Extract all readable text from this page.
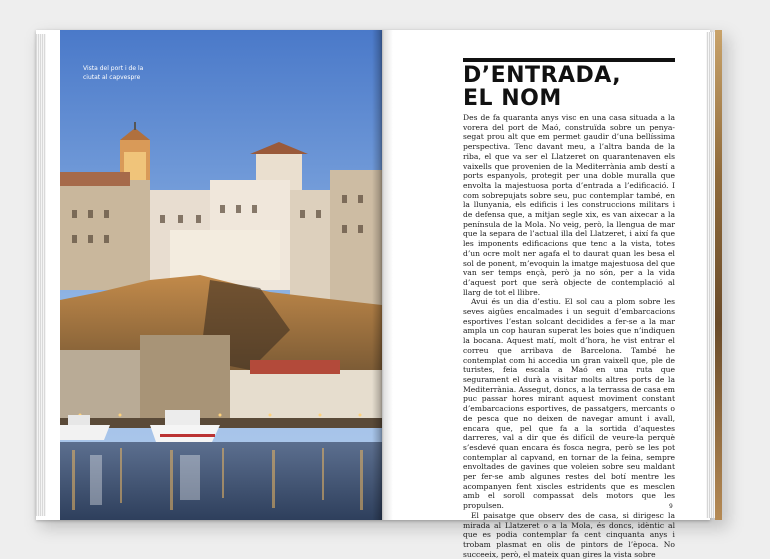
Vista del port i de la
ciutat al capvespre	D’ENTRADA,
EL NOM

Des de fa quaranta anys visc en una casa situada a la vorera del port de Maó, construïda sobre un penya-segat prou alt que em permet gaudir d’una bellíssima perspectiva. Tenc davant meu, a l’altra banda de la riba, el que va ser el Llatzeret on quarantenaven els vaixells que provenien de la Mediterrània amb destí a ports espanyols, protegit per una doble muralla que envolta la majestuosa porta d’entrada a l’edificació. I com sobrepujats sobre seu, puc contemplar també, en la llunyania, els edificis i les construccions militars i de defensa que, a mitjan segle xix, es van aixecar a la península de la Mola. No veig, però, la llengua de mar que la separa de l’actual illa del Llatzeret, i així fa que les imponents edificacions que tenc a la vista, totes d’un ocre molt ner agafa el to daurat quan les besa el sol de ponent, m’evoquin la imatge majestuosa del que van ser temps ençà, però ja no són, per a la vida d’aquest port que serà objecte de contemplació al llarg de tot el llibre.

Avui és un dia d’estiu. El sol cau a plom sobre les seves aigües encalmades i un seguit d’embarcacions esportives l’estan solcant decidides a fer-se a la mar ampla un cop hauran superat les boies que n’indiquen la bocana. Aquest matí, molt d’hora, he vist entrar el correu que arribava de Barcelona. També he contemplat com hi accedia un gran vaixell que, ple de turistes, feia escala a Maó en una ruta que segurament el durà a visitar molts altres ports de la Mediterrània. Assegut, doncs, a la terrassa de casa em puc passar hores mirant aquest moviment constant d’embarcacions esportives, de passatgers, mercants o de pesca que no deixen de navegar amunt i avall, encara que, pel que fa a la sortida d’aquestes darreres, val a dir que és difícil de veure-la perquè s’esdevé quan encara és fosca negra, però se les pot contemplar al capvand, en tornar de la feina, sempre envoltades de gavines que voleien sobre seu maldant per fer-se amb algunes restes del botí mentre les acompanyen fent xiscles estridents que es mesclen amb el soroll compassat dels motors que les propulsen.

El paisatge que observ des de casa, si dirigesc la mirada al Llatzeret o a la Mola, és doncs, idèntic al que es podia contemplar fa cent cinquanta anys i trobam plasmat en olis de pintors de l’època. No succeeix, però, el mateix quan gires la vista sobre

9
